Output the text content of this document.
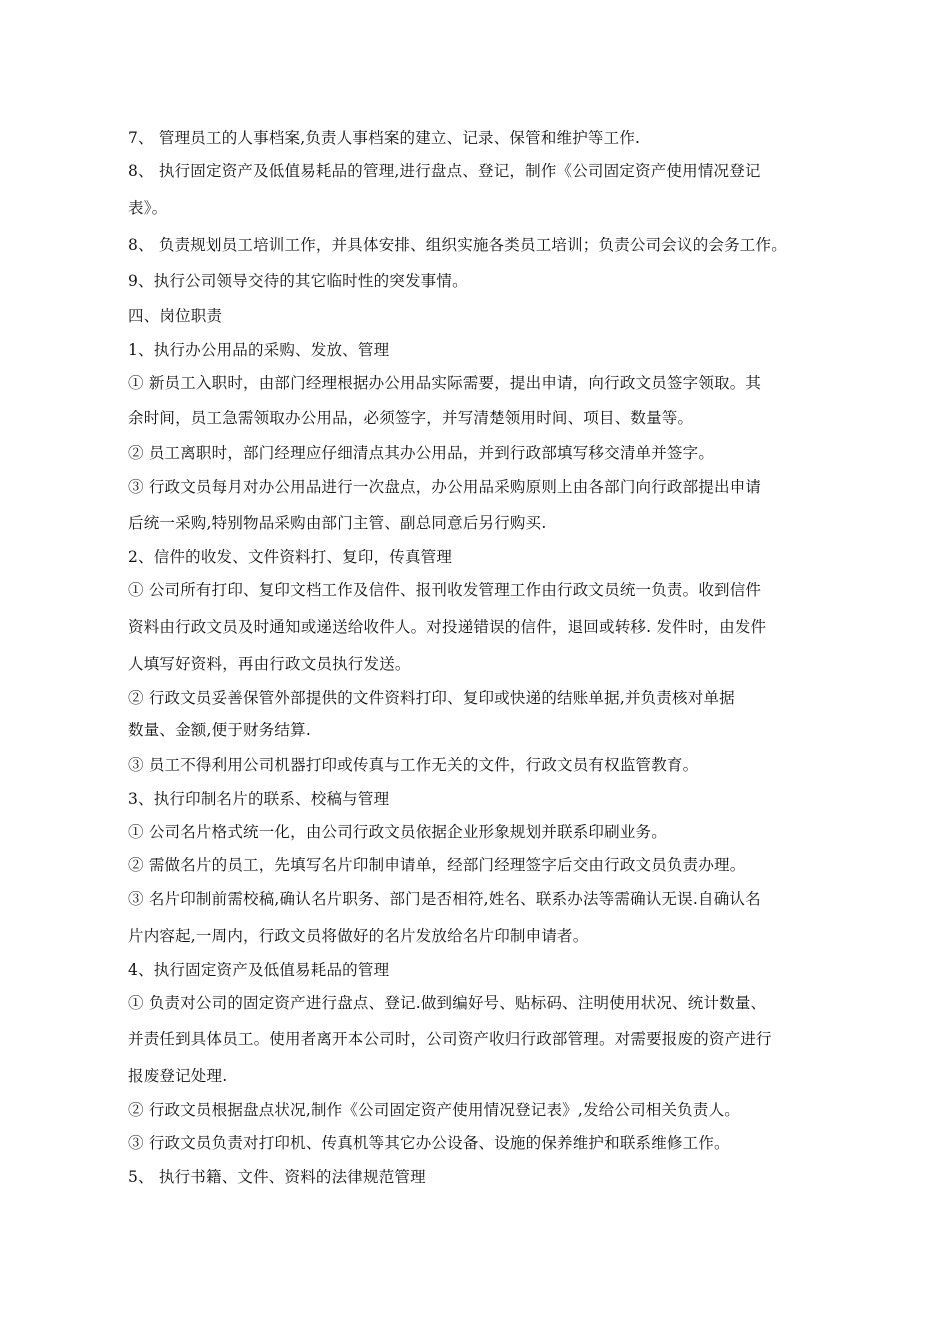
7、 管理员工的人事档案,负责人事档案的建立、记录、保管和维护等工作.
8、 执行固定资产及低值易耗品的管理,进行盘点、登记，制作《公司固定资产使用情况登记
表》。
8、 负责规划员工培训工作，并具体安排、组织实施各类员工培训；负责公司会议的会务工作。
9、执行公司领导交待的其它临时性的突发事情。
四、岗位职责
1、执行办公用品的采购、发放、管理
① 新员工入职时，由部门经理根据办公用品实际需要，提出申请，向行政文员签字领取。其
余时间，员工急需领取办公用品，必须签字，并写清楚领用时间、项目、数量等。
② 员工离职时，部门经理应仔细清点其办公用品，并到行政部填写移交清单并签字。
③ 行政文员每月对办公用品进行一次盘点，办公用品采购原则上由各部门向行政部提出申请
后统一采购,特别物品采购由部门主管、副总同意后另行购买.
2、信件的收发、文件资料打、复印，传真管理
① 公司所有打印、复印文档工作及信件、报刊收发管理工作由行政文员统一负责。收到信件
资料由行政文员及时通知或递送给收件人。对投递错误的信件，退回或转移. 发件时，由发件
人填写好资料，再由行政文员执行发送。
② 行政文员妥善保管外部提供的文件资料打印、复印或快递的结账单据,并负责核对单据
数量、金额,便于财务结算.
③ 员工不得利用公司机器打印或传真与工作无关的文件，行政文员有权监管教育。
3、执行印制名片的联系、校稿与管理
① 公司名片格式统一化，由公司行政文员依据企业形象规划并联系印刷业务。
② 需做名片的员工，先填写名片印制申请单，经部门经理签字后交由行政文员负责办理。
③ 名片印制前需校稿,确认名片职务、部门是否相符,姓名、联系办法等需确认无误.自确认名
片内容起,一周内，行政文员将做好的名片发放给名片印制申请者。
4、执行固定资产及低值易耗品的管理
① 负责对公司的固定资产进行盘点、登记.做到编好号、贴标码、注明使用状况、统计数量、
并责任到具体员工。使用者离开本公司时，公司资产收归行政部管理。对需要报废的资产进行
报废登记处理.
② 行政文员根据盘点状况,制作《公司固定资产使用情况登记表》,发给公司相关负责人。
③ 行政文员负责对打印机、传真机等其它办公设备、设施的保养维护和联系维修工作。
5、 执行书籍、文件、资料的法律规范管理
